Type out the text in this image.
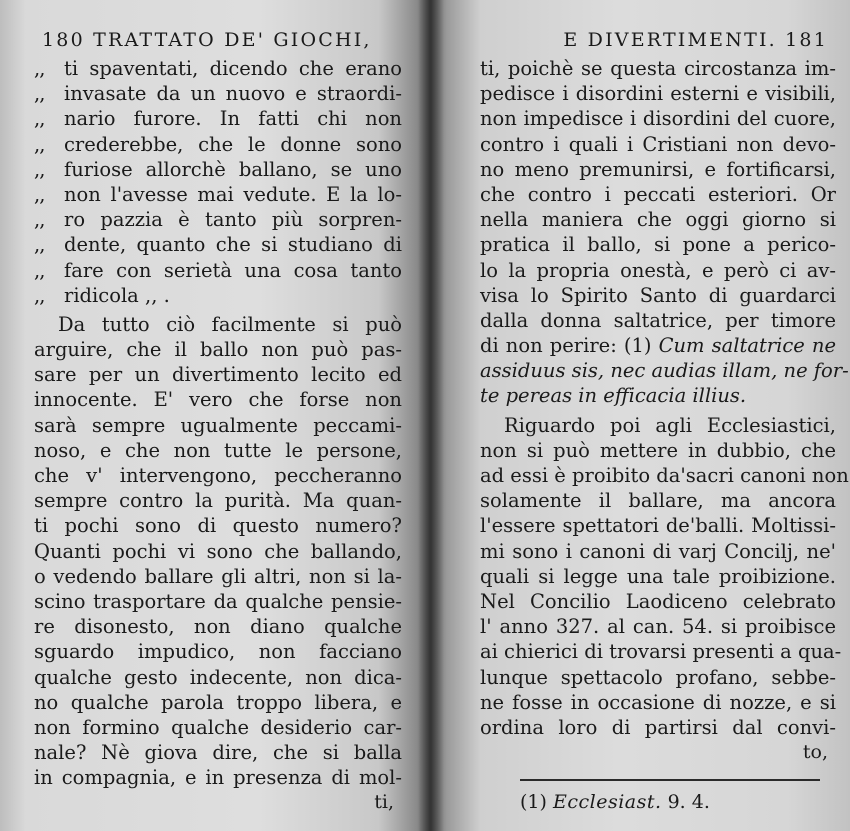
180 TRATTATO DE' GIOCHI,
,, ti spaventati, dicendo che erano
,, invasate da un nuovo e straordi-
,, nario furore. In fatti chi non
,, crederebbe, che le donne sono
,, furiose allorchè ballano, se uno
,, non l'avesse mai vedute. E la lo-
,, ro pazzia è tanto più sorpren-
,, dente, quanto che si studiano di
,, fare con serietà una cosa tanto
,, ridicola ,, .
Da tutto ciò facilmente si può
arguire, che il ballo non può pas-
sare per un divertimento lecito ed
innocente. E' vero che forse non
sarà sempre ugualmente peccami-
noso, e che non tutte le persone,
che v' intervengono, peccheranno
sempre contro la purità. Ma quan-
ti pochi sono di questo numero?
Quanti pochi vi sono che ballando,
o vedendo ballare gli altri, non si la-
scino trasportare da qualche pensie-
re disonesto, non diano qualche
sguardo impudico, non facciano
qualche gesto indecente, non dica-
no qualche parola troppo libera, e
non formino qualche desiderio car-
nale? Nè giova dire, che si balla
in compagnia, e in presenza di mol-
ti,
E DIVERTIMENTI. 181
ti, poichè se questa circostanza im-
pedisce i disordini esterni e visibili,
non impedisce i disordini del cuore,
contro i quali i Cristiani non devo-
no meno premunirsi, e fortificarsi,
che contro i peccati esteriori. Or
nella maniera che oggi giorno si
pratica il ballo, si pone a perico-
lo la propria onestà, e però ci av-
visa lo Spirito Santo di guardarci
dalla donna saltatrice, per timore
di non perire: (1) Cum saltatrice ne
assiduus sis, nec audias illam, ne for-
te pereas in efficacia illius.
Riguardo poi agli Ecclesiastici,
non si può mettere in dubbio, che
ad essi è proibito da'sacri canoni non
solamente il ballare, ma ancora
l'essere spettatori de'balli. Moltissi-
mi sono i canoni di varj Concilj, ne'
quali si legge una tale proibizione.
Nel Concilio Laodiceno celebrato
l' anno 327. al can. 54. si proibisce
ai chierici di trovarsi presenti a qua-
lunque spettacolo profano, sebbe-
ne fosse in occasione di nozze, e si
ordina loro di partirsi dal convi-
to,
(1) Ecclesiast. 9. 4.
